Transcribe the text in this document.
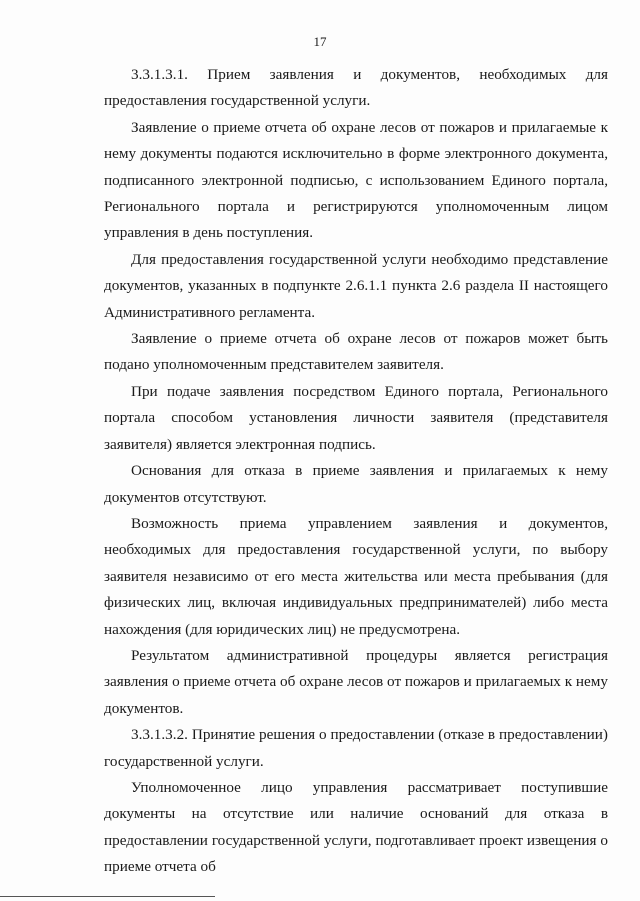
17

3.3.1.3.1. Прием заявления и документов, необходимых для предоставления государственной услуги.

Заявление о приеме отчета об охране лесов от пожаров и прилагаемые к нему документы подаются исключительно в форме электронного документа, подписанного электронной подписью, с использованием Единого портала, Регионального портала и регистрируются уполномоченным лицом управления в день поступления.

Для предоставления государственной услуги необходимо представление документов, указанных в подпункте 2.6.1.1 пункта 2.6 раздела II настоящего Административного регламента.

Заявление о приеме отчета об охране лесов от пожаров может быть подано уполномоченным представителем заявителя.

При подаче заявления посредством Единого портала, Регионального портала способом установления личности заявителя (представителя заявителя) является электронная подпись.

Основания для отказа в приеме заявления и прилагаемых к нему документов отсутствуют.

Возможность приема управлением заявления и документов, необходимых для предоставления государственной услуги, по выбору заявителя независимо от его места жительства или места пребывания (для физических лиц, включая индивидуальных предпринимателей) либо места нахождения (для юридических лиц) не предусмотрена.

Результатом административной процедуры является регистрация заявления о приеме отчета об охране лесов от пожаров и прилагаемых к нему документов.

3.3.1.3.2. Принятие решения о предоставлении (отказе в предоставлении) государственной услуги.

Уполномоченное лицо управления рассматривает поступившие документы на отсутствие или наличие оснований для отказа в предоставлении государственной услуги, подготавливает проект извещения о приеме отчета об
